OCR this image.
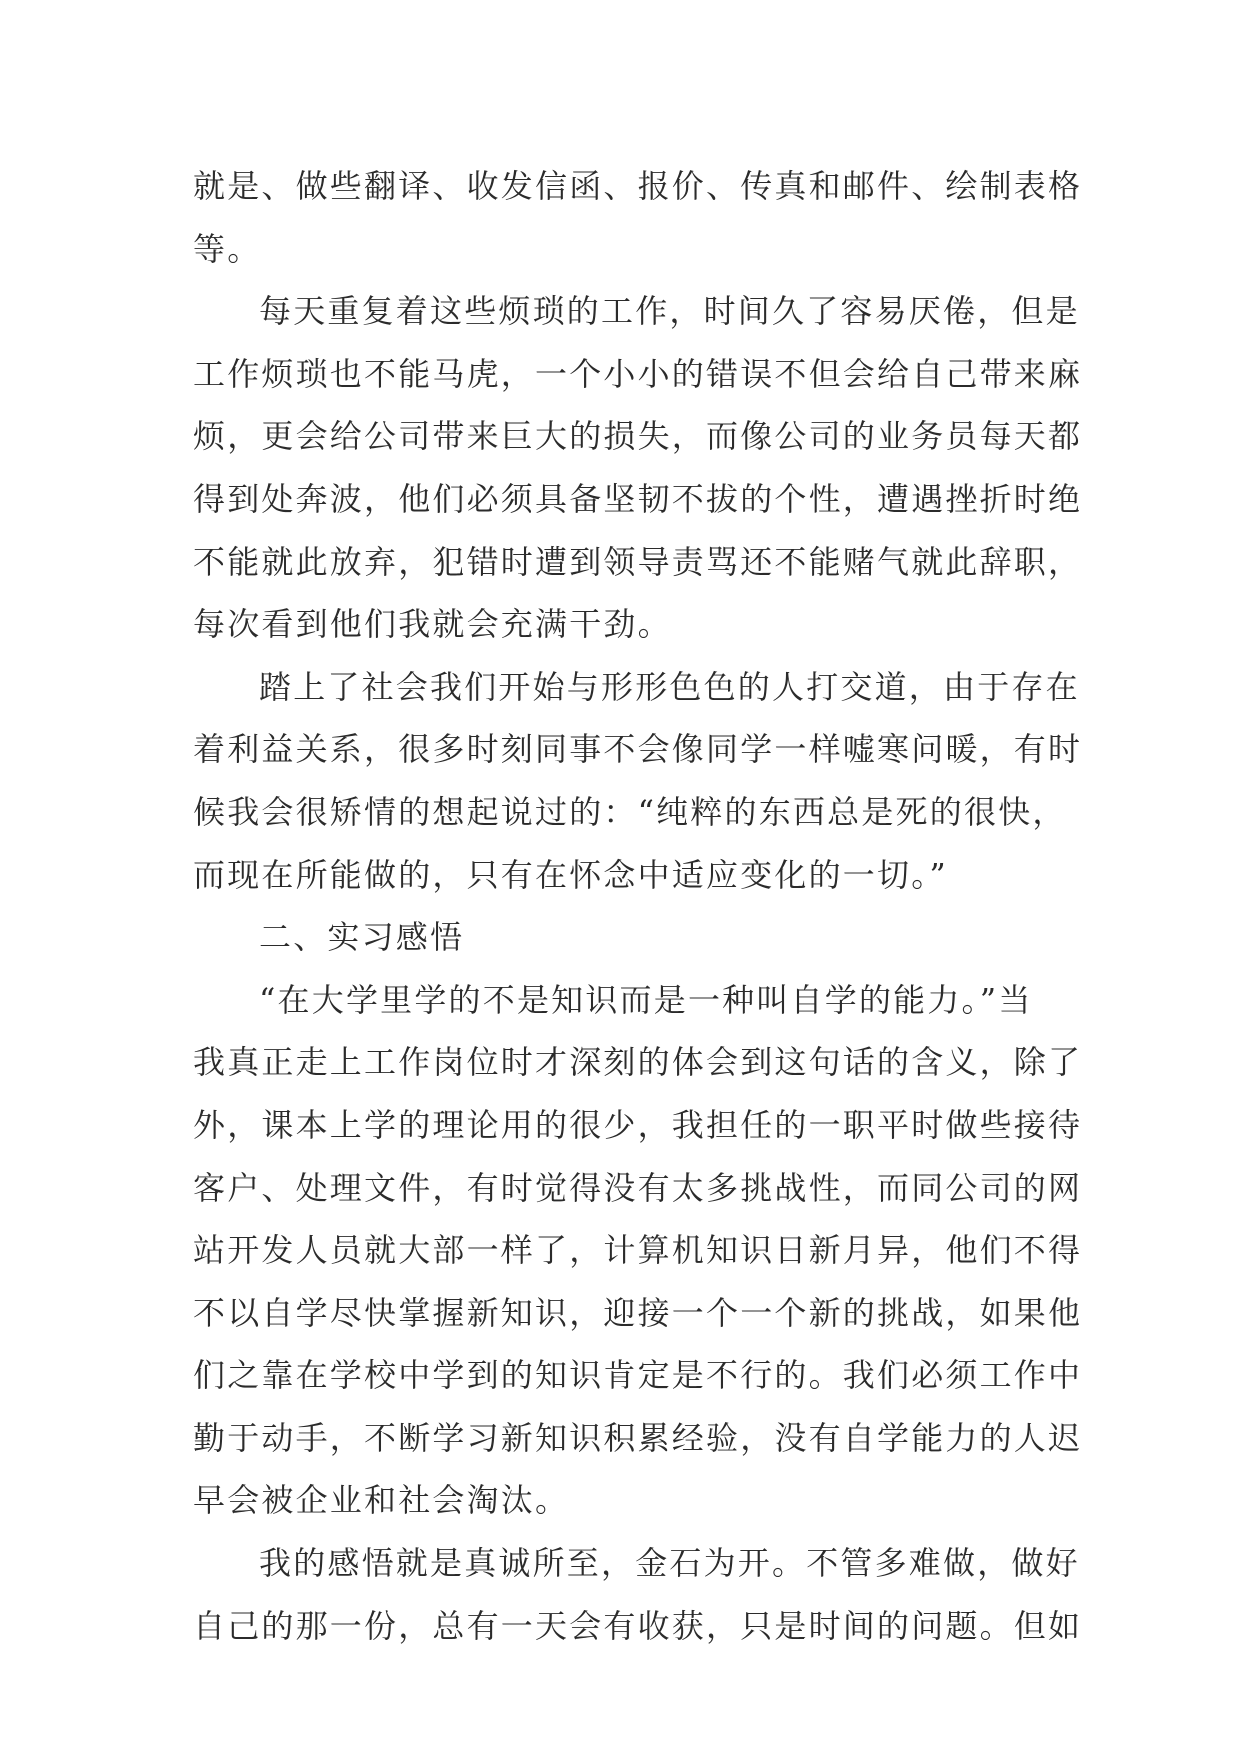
就是、做些翻译、收发信函、报价、传真和邮件、绘制表格
等。
每天重复着这些烦琐的工作，时间久了容易厌倦，但是
工作烦琐也不能马虎，一个小小的错误不但会给自己带来麻
烦，更会给公司带来巨大的损失，而像公司的业务员每天都
得到处奔波，他们必须具备坚韧不拔的个性，遭遇挫折时绝
不能就此放弃，犯错时遭到领导责骂还不能赌气就此辞职，
每次看到他们我就会充满干劲。
踏上了社会我们开始与形形色色的人打交道，由于存在
着利益关系，很多时刻同事不会像同学一样嘘寒问暖，有时
候我会很矫情的想起说过的：“纯粹的东西总是死的很快，
而现在所能做的，只有在怀念中适应变化的一切。”
二、实习感悟
“在大学里学的不是知识而是一种叫自学的能力。”当
我真正走上工作岗位时才深刻的体会到这句话的含义，除了
外，课本上学的理论用的很少，我担任的一职平时做些接待
客户、处理文件，有时觉得没有太多挑战性，而同公司的网
站开发人员就大部一样了，计算机知识日新月异，他们不得
不以自学尽快掌握新知识，迎接一个一个新的挑战，如果他
们之靠在学校中学到的知识肯定是不行的。我们必须工作中
勤于动手，不断学习新知识积累经验，没有自学能力的人迟
早会被企业和社会淘汰。
我的感悟就是真诚所至，金石为开。不管多难做，做好
自己的那一份，总有一天会有收获，只是时间的问题。但如
